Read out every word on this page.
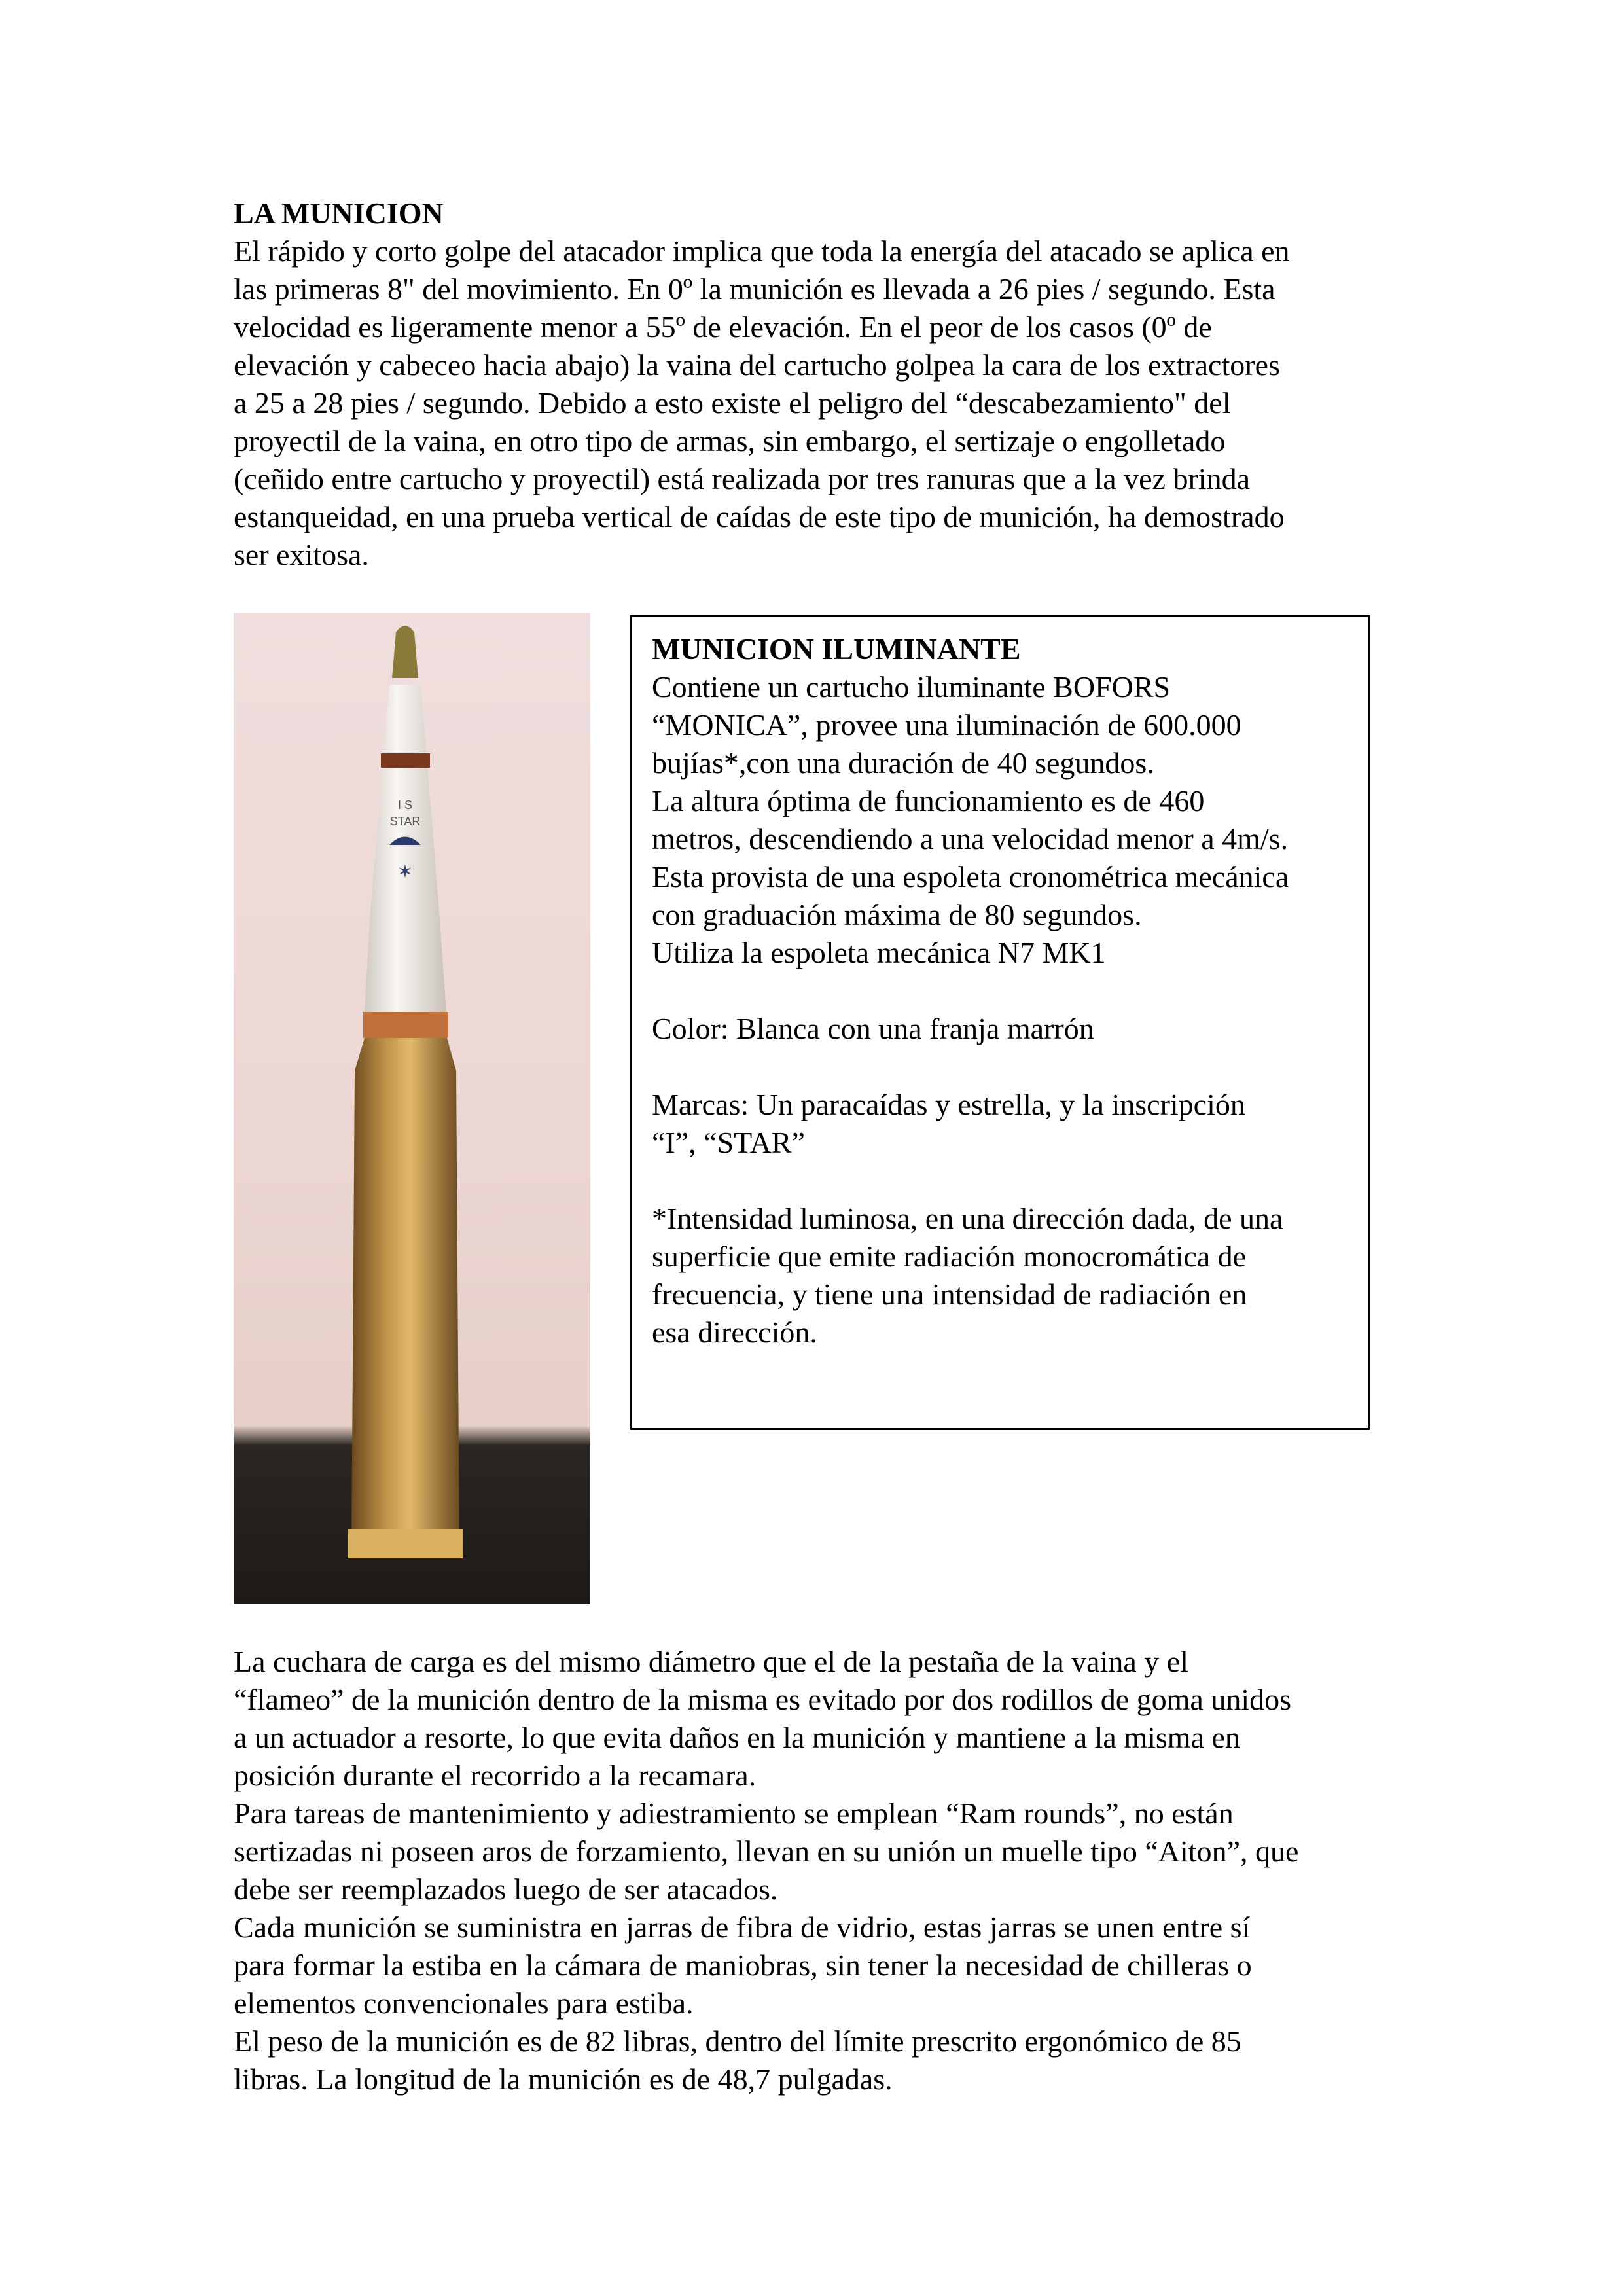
LA MUNICION
El rápido y corto golpe del atacador implica que toda la energía del atacado se aplica en
las primeras 8" del movimiento. En 0º la munición es llevada a 26 pies / segundo. Esta
velocidad es ligeramente menor a 55º de elevación. En el peor de los casos (0º de
elevación y cabeceo hacia abajo) la vaina del cartucho golpea la cara de los extractores
a 25 a 28 pies / segundo. Debido a esto existe el peligro del “descabezamiento" del
proyectil de la vaina, en otro tipo de armas, sin embargo, el sertizaje o engolletado
(ceñido entre cartucho y proyectil) está realizada por tres ranuras que a la vez brinda
estanqueidad, en una prueba vertical de caídas de este tipo de munición, ha demostrado
ser exitosa.
I S
STAR
✶
MUNICION ILUMINANTE
Contiene un cartucho iluminante BOFORS
“MONICA”, provee una iluminación de 600.000
bujías*,con una duración de 40 segundos.
La altura óptima de funcionamiento es de 460
metros, descendiendo a una velocidad menor a 4m/s.
Esta provista de una espoleta cronométrica mecánica
con graduación máxima de 80 segundos.
Utiliza la espoleta mecánica N7 MK1
Color: Blanca con una franja marrón
Marcas: Un paracaídas y estrella, y la inscripción
“I”, “STAR”
*Intensidad luminosa, en una dirección dada, de una
superficie que emite radiación monocromática de
frecuencia, y tiene una intensidad de radiación en
esa dirección.
La cuchara de carga es del mismo diámetro que el de la pestaña de la vaina y el
“flameo” de la munición dentro de la misma es evitado por dos rodillos de goma unidos
a un actuador a resorte, lo que evita daños en la munición y mantiene a la misma en
posición durante el recorrido a la recamara.
Para tareas de mantenimiento y adiestramiento se emplean “Ram rounds”, no están
sertizadas ni poseen aros de forzamiento, llevan en su unión un muelle tipo “Aiton”, que
debe ser reemplazados luego de ser atacados.
Cada munición se suministra en jarras de fibra de vidrio, estas jarras se unen entre sí
para formar la estiba en la cámara de maniobras, sin tener la necesidad de chilleras o
elementos convencionales para estiba.
El peso de la munición es de 82 libras, dentro del límite prescrito ergonómico de 85
libras. La longitud de la munición es de 48,7 pulgadas.
